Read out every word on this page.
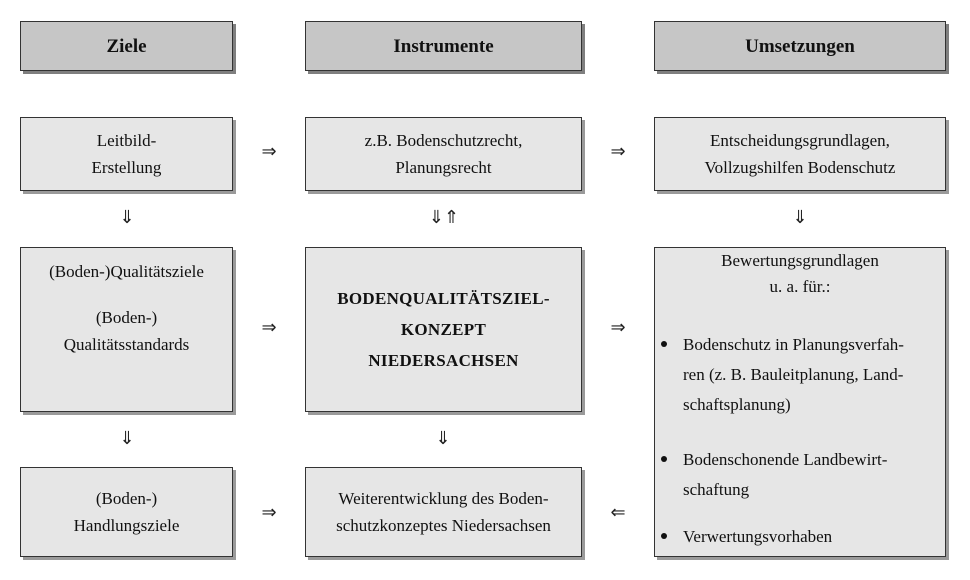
Ziele	Instrumente	Umsetzungen
Leitbild-
Erstellung
z.B. Bodenschutzrecht,
Planungsrecht
Entscheidungsgrundlagen,
Vollzugshilfen Bodenschutz
(Boden-)Qualitätsziele
(Boden-)
Qualitätsstandards
BODENQUALITÄTSZIEL-
KONZEPT
NIEDERSACHSEN
Bewertungsgrundlagen
u. a. für.:
Bodenschutz in Planungsverfah-
ren (z. B. Bauleitplanung, Land-
schaftsplanung)
Bodenschonende Landbewirt-
schaftung
Verwertungsvorhaben
(Boden-)
Handlungsziele
Weiterentwicklung des Boden-
schutzkonzeptes Niedersachsen
⇒	⇒
⇓	⇓⇑	⇓
⇒	⇒
⇓	⇓
⇒	⇐
